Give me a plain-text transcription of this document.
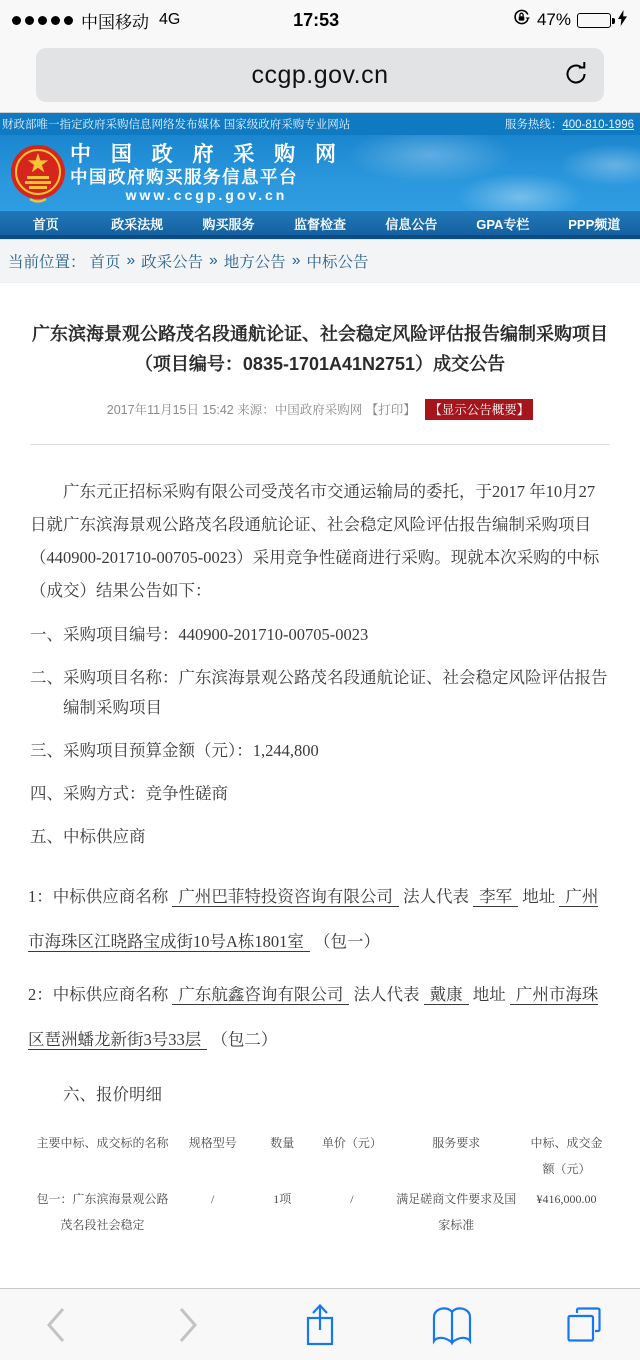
中国移动 4G	17:53	47%
ccgp.gov.cn
财政部唯一指定政府采购信息网络发布媒体 国家级政府采购专业网站	服务热线：400-810-1996
中 国 政 府 采 购 网
中国政府购买服务信息平台
www.ccgp.gov.cn
首页	政采法规	购买服务	监督检查	信息公告	GPA专栏	PPP频道
当前位置： 首页 » 政采公告 » 地方公告 » 中标公告
广东滨海景观公路茂名段通航论证、社会稳定风险评估报告编制采购项目（项目编号：0835-1701A41N2751）成交公告
2017年11月15日 15:42 来源：中国政府采购网 【打印】 【显示公告概要】

广东元正招标采购有限公司受茂名市交通运输局的委托，于2017 年10月27 日就广东滨海景观公路茂名段通航论证、社会稳定风险评估报告编制采购项目（440900-201710-00705-0023）采用竞争性磋商进行采购。现就本次采购的中标（成交）结果公告如下：

一、采购项目编号：440900-201710-00705-0023

二、采购项目名称：广东滨海景观公路茂名段通航论证、社会稳定风险评估报告编制采购项目

三、采购项目预算金额（元）：1,244,800

四、采购方式：竞争性磋商

五、中标供应商

1：中标供应商名称 广州巴菲特投资咨询有限公司 法人代表 李军 地址 广州市海珠区江晓路宝成街10号A栋1801室 （包一）

2：中标供应商名称 广东航鑫咨询有限公司 法人代表 戴康 地址 广州市海珠区琶洲蟠龙新街3号33层 （包二）

六、报价明细

主要中标、成交标的名称	规格型号	数量	单价（元）	服务要求	中标、成交金额（元）
包一：广东滨海景观公路茂名段社会稳定	/	1项	/	满足磋商文件要求及国家标准	¥416,000.00
